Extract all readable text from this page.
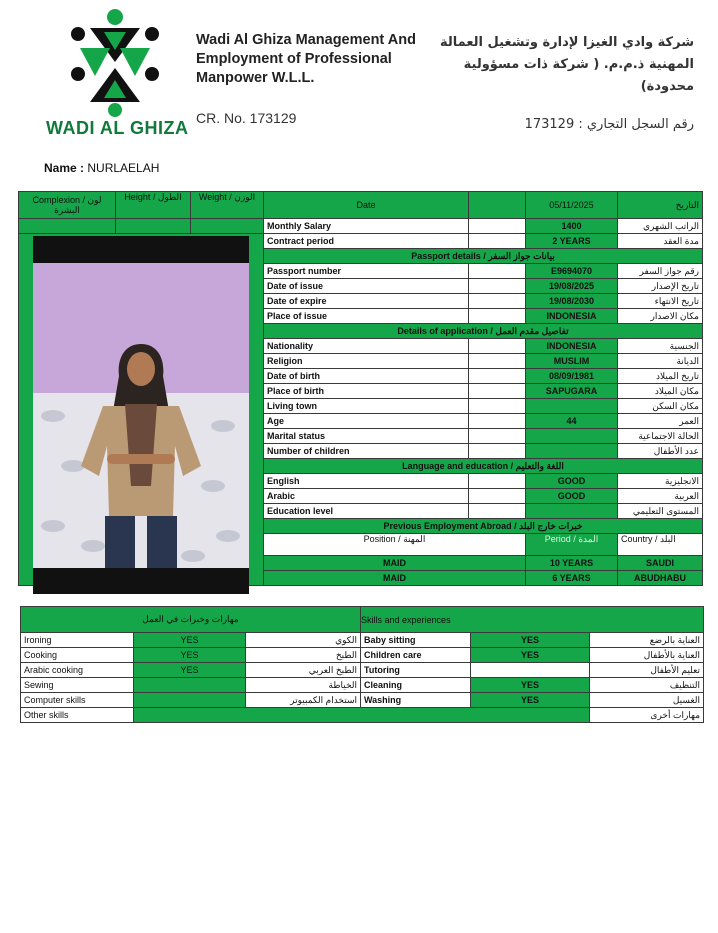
WADI AL GHIZA
Wadi Al Ghiza Management And
Employment of Professional
Manpower W.L.L.
CR. No. 173129
شركة وادي الغيزا لإدارة وتشغيل العمالة
المهنية ذ.م.م. ( شركة ذات مسؤولية
محدودة)
رقم السجل التجاري : 173129
Name : NURLAELAH
Complexion / لون البشرة	Height / الطول	Weight / الوزن	Date		05/11/2025	التاريخ
			Monthly Salary		1400	الراتب الشهري
			Contract period		2 YEARS	مدة العقد
			Passport details / بيانات جواز السفر			
			Passport number		E9694070	رقم جواز السفر
			Date of issue		19/08/2025	تاريخ الإصدار
			Date of expire		19/08/2030	تاريخ الانتهاء
			Place of issue		INDONESIA	مكان الاصدار
			Details of application / تفاصيل مقدم العمل			
			Nationality		INDONESIA	الجنسية
			Religion		MUSLIM	الديانة
			Date of birth		08/09/1981	تاريخ الميلاد
			Place of birth		SAPUGARA	مكان الميلاد
			Living town			مكان السكن
			Age		44	العمر
			Marital status			الحالة الاجتماعية
			Number of children			عدد الأطفال
			Language and education / اللغة والتعليم			
			English		GOOD	الانجليزية
			Arabic		GOOD	العربية
			Education level			المستوى التعليمي
			Previous Employment Abroad / خبرات خارج البلد			
			Position / المهنة		Period / المدة	Country / البلد
			MAID		10 YEARS	SAUDI
			MAID		6 YEARS	ABUDHABU
مهارات وخبرات في العمل			Skills and experiences		
Ironing	YES	الكوي	Baby sitting	YES	العناية بالرضع
Cooking	YES	الطبخ	Children care	YES	العناية بالأطفال
Arabic cooking	YES	الطبخ العربي	Tutoring		تعليم الأطفال
Sewing		الخياطة	Cleaning	YES	التنظيف
Computer skills		استخدام الكمبيوتر	Washing	YES	الغسيل
Other skills					مهارات أخرى
